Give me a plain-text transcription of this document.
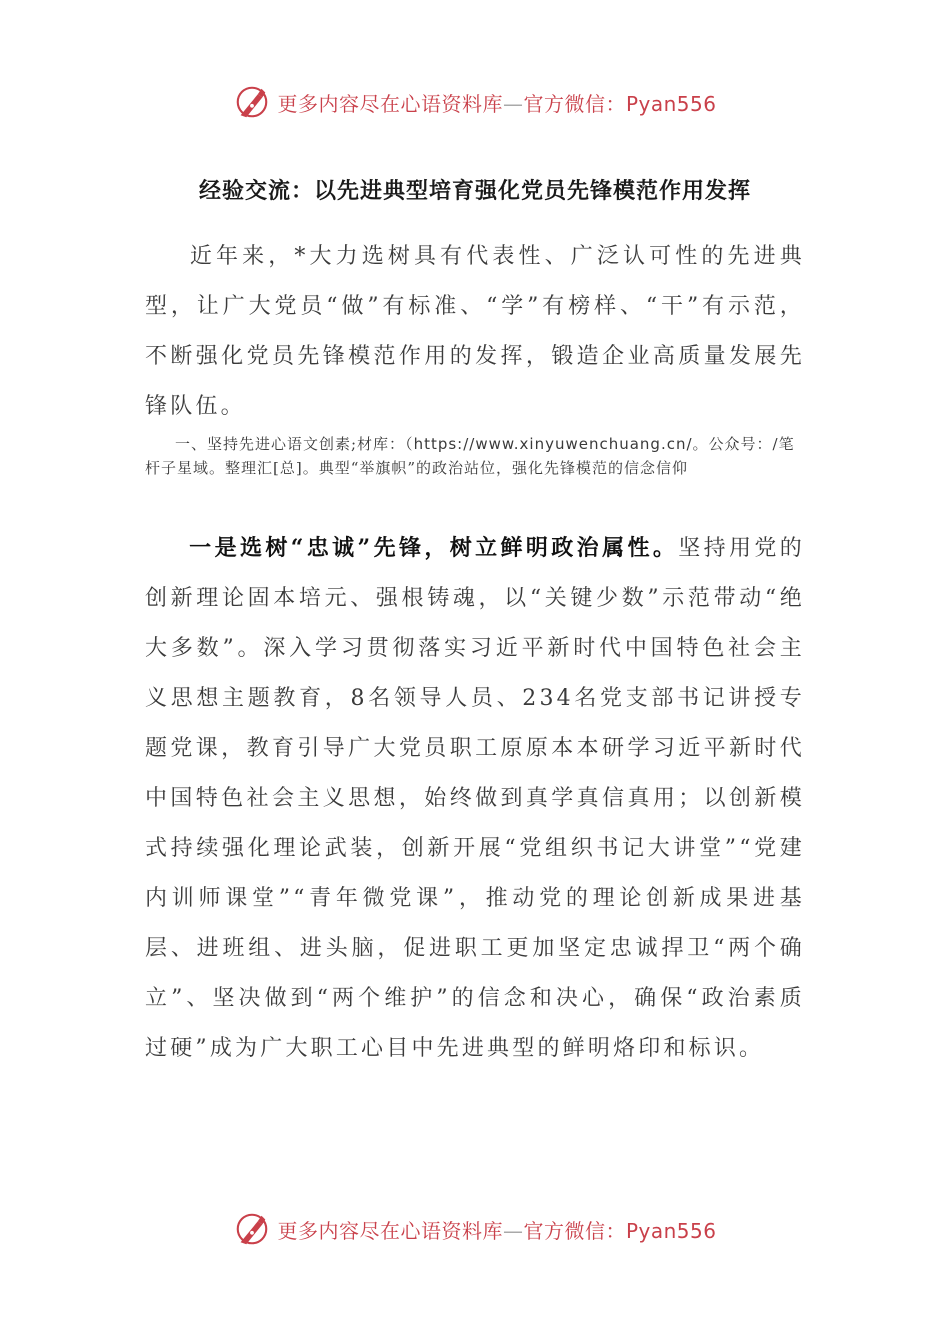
更多内容尽在心语资料库—官方微信：Pyan556
经验交流：以先进典型培育强化党员先锋模范作用发挥

近年来，*大力选树具有代表性、广泛认可性的先进典型，让广大党员“做”有标准、“学”有榜样、“干”有示范，不断强化党员先锋模范作用的发挥，锻造企业高质量发展先锋队伍。

一、坚持先进心语文创素;材库：（https://www.xinyuwenchuang.cn/。公众号：/笔杆子星域。整理汇[总]。典型“举旗帜”的政治站位，强化先锋模范的信念信仰

一是选树“忠诚”先锋，树立鲜明政治属性。坚持用党的创新理论固本培元、强根铸魂，以“关键少数”示范带动“绝大多数”。深入学习贯彻落实习近平新时代中国特色社会主义思想主题教育，8名领导人员、234名党支部书记讲授专题党课，教育引导广大党员职工原原本本研学习近平新时代中国特色社会主义思想，始终做到真学真信真用；以创新模式持续强化理论武装，创新开展“党组织书记大讲堂”“党建内训师课堂”“青年微党课”，推动党的理论创新成果进基层、进班组、进头脑，促进职工更加坚定忠诚捍卫“两个确立”、坚决做到“两个维护”的信念和决心，确保“政治素质过硬”成为广大职工心目中先进典型的鲜明烙印和标识。

更多内容尽在心语资料库—官方微信：Pyan556
